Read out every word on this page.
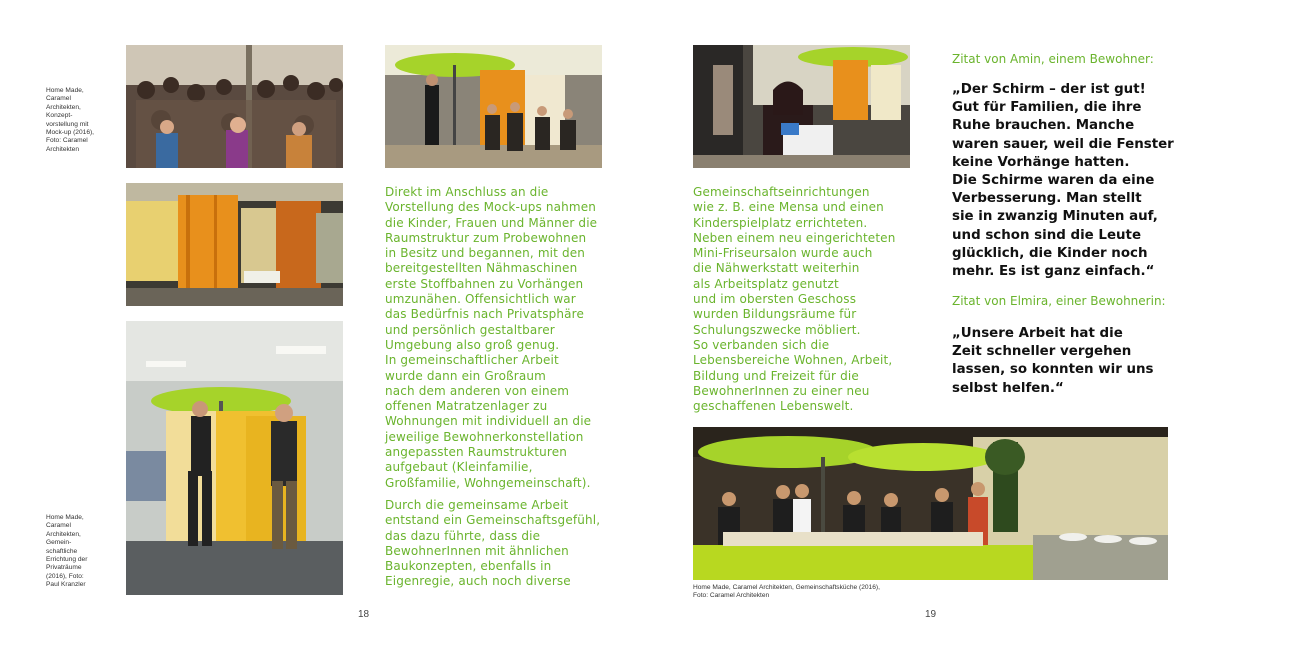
Home Made,
Caramel
Architekten,
Konzept-
vorstellung mit
Mock-up (2016),
Foto: Caramel
Architekten
Home Made,
Caramel
Architekten,
Gemein-
schaftliche
Errichtung der
Privaträume
(2016), Foto:
Paul Kranzler

Direkt im Anschluss an die
Vorstellung des Mock-ups nahmen
die Kinder, Frauen und Männer die
Raumstruktur zum Probewohnen
in Besitz und begannen, mit den
bereitgestellten Nähmaschinen
erste Stoffbahnen zu Vorhängen
umzunähen. Offensichtlich war
das Bedürfnis nach Privatsphäre
und persönlich gestaltbarer
Umgebung also groß genug.
In gemeinschaftlicher Arbeit
wurde dann ein Großraum
nach dem anderen von einem
offenen Matratzenlager zu
Wohnungen mit individuell an die
jeweilige Bewohnerkonstellation
angepassten Raumstrukturen
aufgebaut (Kleinfamilie,
Großfamilie, Wohngemeinschaft).

Durch die gemeinsame Arbeit
entstand ein Gemeinschaftsgefühl,
das dazu führte, dass die
BewohnerInnen mit ähnlichen
Baukonzepten, ebenfalls in
Eigenregie, auch noch diverse

18

Gemeinschaftseinrichtungen
wie z. B. eine Mensa und einen
Kinderspielplatz errichteten.
Neben einem neu eingerichteten
Mini-Friseursalon wurde auch
die Nähwerkstatt weiterhin
als Arbeitsplatz genutzt
und im obersten Geschoss
wurden Bildungsräume für
Schulungszwecke möbliert.
So verbanden sich die
Lebensbereiche Wohnen, Arbeit,
Bildung und Freizeit für die
BewohnerInnen zu einer neu
geschaffenen Lebenswelt.

Zitat von Amin, einem Bewohner:
„Der Schirm – der ist gut!
Gut für Familien, die ihre
Ruhe brauchen. Manche
waren sauer, weil die Fenster
keine Vorhänge hatten.
Die Schirme waren da eine
Verbesserung. Man stellt
sie in zwanzig Minuten auf,
und schon sind die Leute
glücklich, die Kinder noch
mehr. Es ist ganz einfach.“
Zitat von Elmira, einer Bewohnerin:
„Unsere Arbeit hat die
Zeit schneller vergehen
lassen, so konnten wir uns
selbst helfen.“
Home Made, Caramel Architekten, Gemeinschaftsküche (2016),
Foto: Caramel Architekten
19
